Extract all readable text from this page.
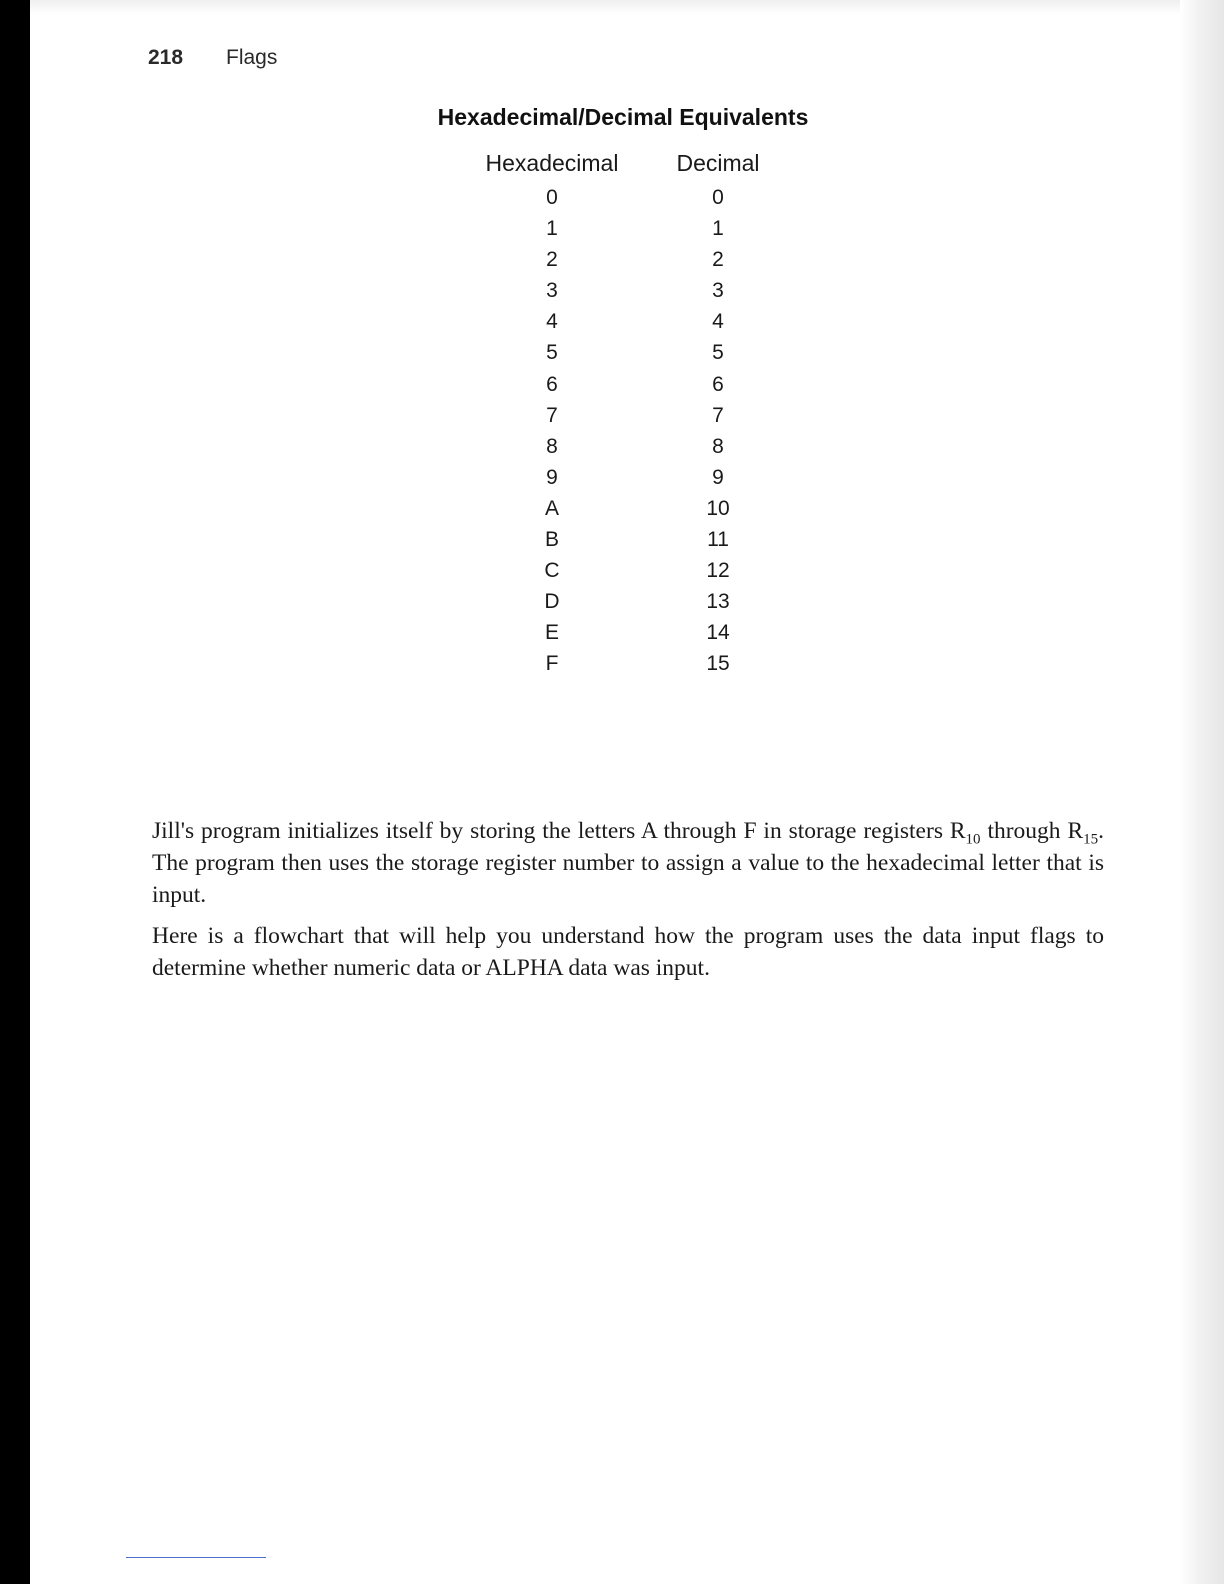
218 Flags
Hexadecimal/Decimal Equivalents
Hexadecimal	Decimal
0	0
1	1
2	2
3	3
4	4
5	5
6	6
7	7
8	8
9	9
A	10
B	11
C	12
D	13
E	14
F	15

Jill's program initializes itself by storing the letters A through F in storage registers $R_{10}$ through $R_{15}$. The program then uses the storage register number to assign a value to the hexadecimal letter that is input.

Here is a flowchart that will help you understand how the program uses the data input flags to determine whether numeric data or ALPHA data was input.
